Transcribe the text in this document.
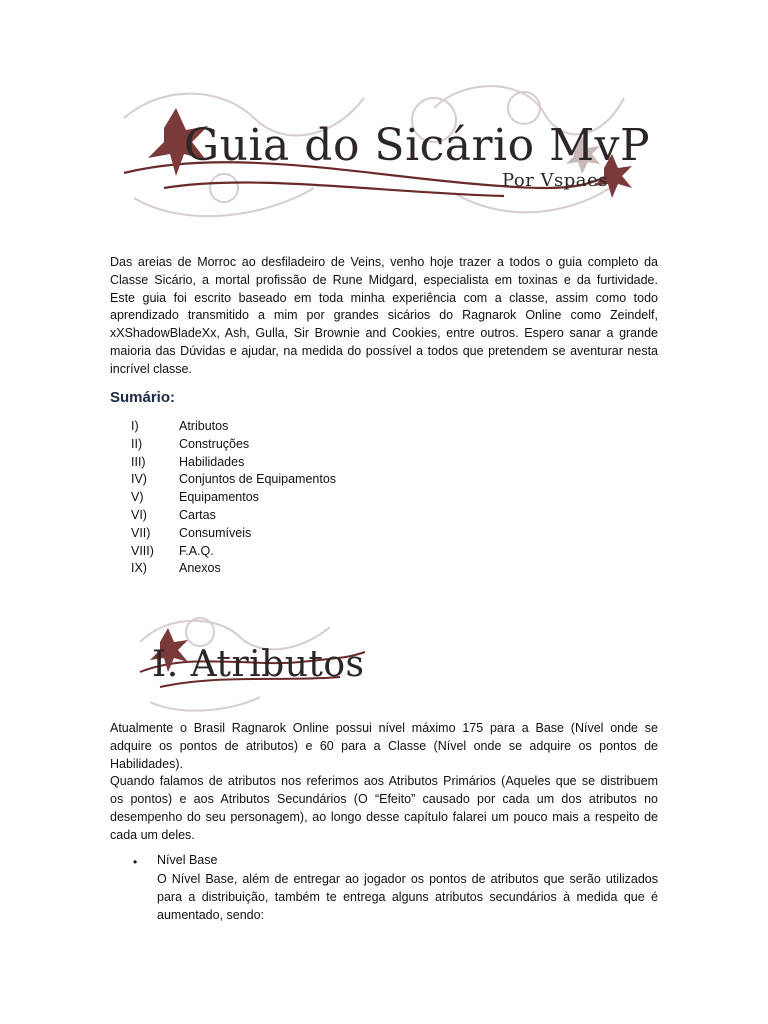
Guia do Sicário MvP
Por Vspaes
Das areias de Morroc ao desfiladeiro de Veins, venho hoje trazer a todos o guia completo da
Classe Sicário, a mortal profissão de Rune Midgard, especialista em toxinas e da furtividade.
Este guia foi escrito baseado em toda minha experiência com a classe, assim como todo
aprendizado transmitido a mim por grandes sicários do Ragnarok Online como Zeindelf,
xXShadowBladeXx, Ash, Gulla, Sir Brownie and Cookies, entre outros. Espero sanar a grande
maioria das Dúvidas e ajudar, na medida do possível a todos que pretendem se aventurar nesta
incrível classe.
Sumário:
I)	Atributos
II)	Construções
III)	Habilidades
IV)	Conjuntos de Equipamentos
V)	Equipamentos
VI)	Cartas
VII)	Consumíveis
VIII)	F.A.Q.
IX)	Anexos
I. Atributos
Atualmente o Brasil Ragnarok Online possui nível máximo 175 para a Base (Nível onde se
adquire os pontos de atributos) e 60 para a Classe (Nível onde se adquire os pontos de
Habilidades).
Quando falamos de atributos nos referimos aos Atributos Primários (Aqueles que se distribuem
os pontos) e aos Atributos Secundários (O “Efeito” causado por cada um dos atributos no
desempenho do seu personagem), ao longo desse capítulo falarei um pouco mais a respeito de
cada um deles.
• Nível Base
O Nível Base, além de entregar ao jogador os pontos de atributos que serão utilizados
para a distribuição, também te entrega alguns atributos secundários à medida que é
aumentado, sendo:
